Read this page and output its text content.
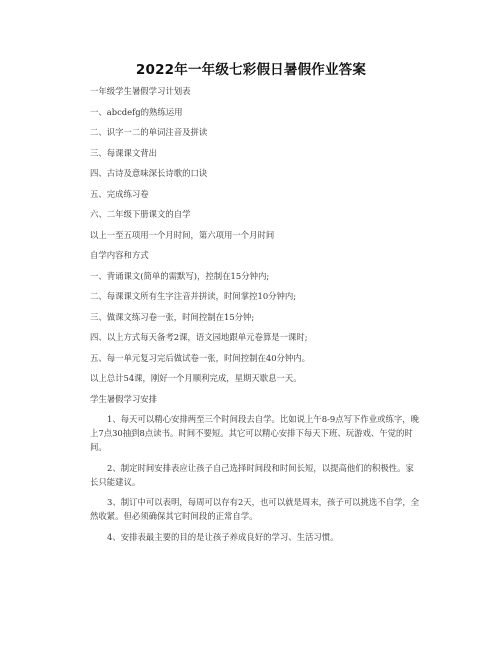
2022年一年级七彩假日暑假作业答案
一年级学生暑假学习计划表
一、abcdefg的熟练运用
二、识字一二的单词注音及拼读
三、每课课文背出
四、古诗及意味深长诗歌的口诀
五、完成练习卷
六、二年级下册课文的自学
以上一至五项用一个月时间，第六项用一个月时间
自学内容和方式
一、背诵课文(简单的需默写)，控制在15分钟内;
二、每课课文所有生字注音并拼读，时间掌控10分钟内;
三、做课文练习卷一张，时间控制在15分钟;
四、以上方式每天备考2课，语文园地跟单元卷算是一课时;
五、每一单元复习完后做试卷一张，时间控制在40分钟内。
以上总计54课，刚好一个月顺利完成，星期天歇息一天。
学生暑假学习安排
1、每天可以精心安排两至三个时间段去自学。比如说上午8-9点写下作业或练字，晚上7点30抽到8点读书。时间不要短。其它可以精心安排下每天下班、玩游戏、午觉的时间。
2、制定时间安排表应让孩子自己选择时间段和时间长短，以提高他们的积极性。家长只能建议。
3、制订中可以表明，每周可以存有2天，也可以就是周末，孩子可以挑选不自学，全然收紧。但必须确保其它时间段的正常自学。
4、安排表最主要的目的是让孩子养成良好的学习、生活习惯。
